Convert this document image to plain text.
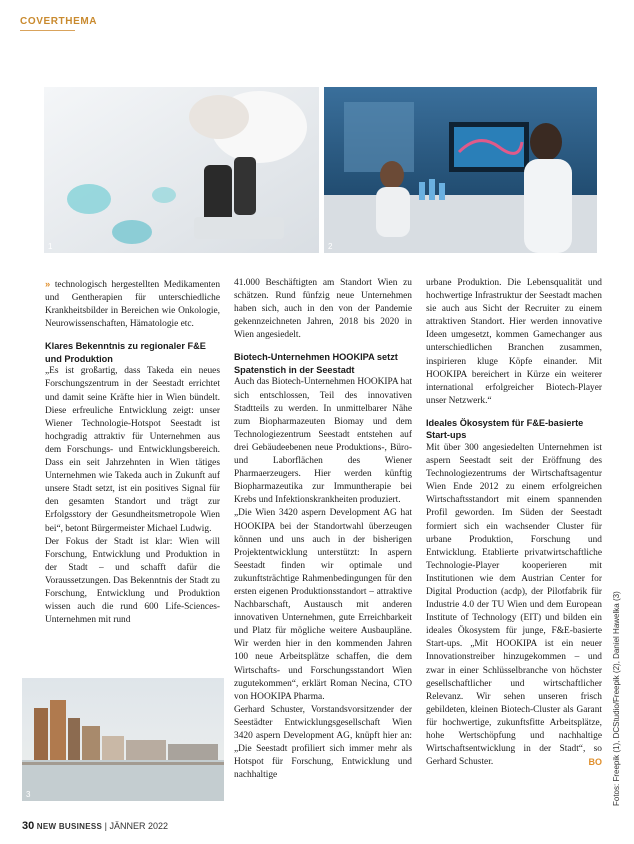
COVERTHEMA
1	2
3

» technologisch hergestellten Medikamenten und Gentherapien für unterschiedliche Krankheitsbilder in Bereichen wie Onkologie, Neurowissenschaften, Hämatologie etc.

Klares Bekenntnis zu regionaler F&E und Produktion

„Es ist großartig, dass Takeda ein neues Forschungszentrum in der Seestadt errichtet und damit seine Kräfte hier in Wien bündelt. Diese erfreuliche Entwicklung zeigt: unser Wiener Technologie-Hotspot Seestadt ist hochgradig attraktiv für Unternehmen aus dem Forschungs- und Entwicklungsbereich. Dass ein seit Jahrzehnten in Wien tätiges Unternehmen wie Takeda auch in Zukunft auf unsere Stadt setzt, ist ein positives Signal für den gesamten Standort und trägt zur Erfolgsstory der Gesundheitsmetropole Wien bei“, betont Bürgermeister Michael Ludwig.

Der Fokus der Stadt ist klar: Wien will Forschung, Entwicklung und Produktion in der Stadt – und schafft dafür die Voraussetzungen. Das Bekenntnis der Stadt zu Forschung, Entwicklung und Produktion wissen auch die rund 600 Life-Sciences-Unternehmen mit rund

41.000 Beschäftigten am Standort Wien zu schätzen. Rund fünfzig neue Unternehmen haben sich, auch in den von der Pandemie gekennzeichneten Jahren, 2018 bis 2020 in Wien angesiedelt.

Biotech-Unternehmen HOOKIPA setzt Spatenstich in der Seestadt

Auch das Biotech-Unternehmen HOOKIPA hat sich entschlossen, Teil des innovativen Stadtteils zu werden. In unmittelbarer Nähe zum Biopharmazeuten Biomay und dem Technologiezentrum Seestadt entstehen auf drei Gebäudeebenen neue Produktions-, Büro- und Laborflächen des Wiener Pharmaerzeugers. Hier werden künftig Biopharmazeutika zur Immuntherapie bei Krebs und Infektionskrankheiten produziert.

„Die Wien 3420 aspern Development AG hat HOOKIPA bei der Standortwahl überzeugen können und uns auch in der bisherigen Projektentwicklung unterstützt: In aspern Seestadt finden wir optimale und zukunftsträchtige Rahmenbedingungen für den ersten eigenen Produktionsstandort – attraktive Nachbarschaft, Austausch mit anderen innovativen Unternehmen, gute Erreichbarkeit und Platz für mögliche weitere Ausbaupläne. Wir werden hier in den kommenden Jahren 100 neue Arbeitsplätze schaffen, die dem Wirtschafts- und Forschungsstandort Wien zugutekommen“, erklärt Roman Necina, CTO von HOOKIPA Pharma.

Gerhard Schuster, Vorstandsvorsitzender der Seestädter Entwicklungsgesellschaft Wien 3420 aspern Development AG, knüpft hier an: „Die Seestadt profiliert sich immer mehr als Hotspot für Forschung, Entwicklung und nachhaltige

urbane Produktion. Die Lebensqualität und hochwertige Infrastruktur der Seestadt machen sie auch aus Sicht der Recruiter zu einem attraktiven Standort. Hier werden innovative Ideen umgesetzt, kommen Gamechanger aus unterschiedlichen Branchen zusammen, inspirieren kluge Köpfe einander. Mit HOOKIPA bereichert in Kürze ein weiterer international erfolgreicher Biotech-Player unser Netzwerk.“

Ideales Ökosystem für F&E-basierte Start-ups

Mit über 300 angesiedelten Unternehmen ist aspern Seestadt seit der Eröffnung des Technologiezentrums der Wirtschaftsagentur Wien Ende 2012 zu einem erfolgreichen Wirtschaftsstandort mit einem spannenden Profil geworden. Im Süden der Seestadt formiert sich ein wachsender Cluster für urbane Produktion, Forschung und Entwicklung. Etablierte privatwirtschaftliche Technologie-Player kooperieren mit Institutionen wie dem Austrian Center for Digital Production (acdp), der Pilotfabrik für Industrie 4.0 der TU Wien und dem European Institute of Technology (EIT) und bilden ein ideales Ökosystem für junge, F&E-basierte Start-ups. „Mit HOOKIPA ist ein neuer Innovationstreiber hinzugekommen – und zwar in einer Schlüsselbranche von höchster gesellschaftlicher und wirtschaftlicher Relevanz. Wir sehen unseren frisch gebildeten, kleinen Biotech-Cluster als Garant für hochwertige, zukunftsfitte Arbeitsplätze, hohe Wertschöpfung und nachhaltige Wirtschaftsentwicklung in der Stadt“, so Gerhard Schuster.	BO Fotos: Freepik (1), DCStudio/Freepik (2), Daniel Hawelka (3)
30 NEW BUSINESS | JÄNNER 2022
